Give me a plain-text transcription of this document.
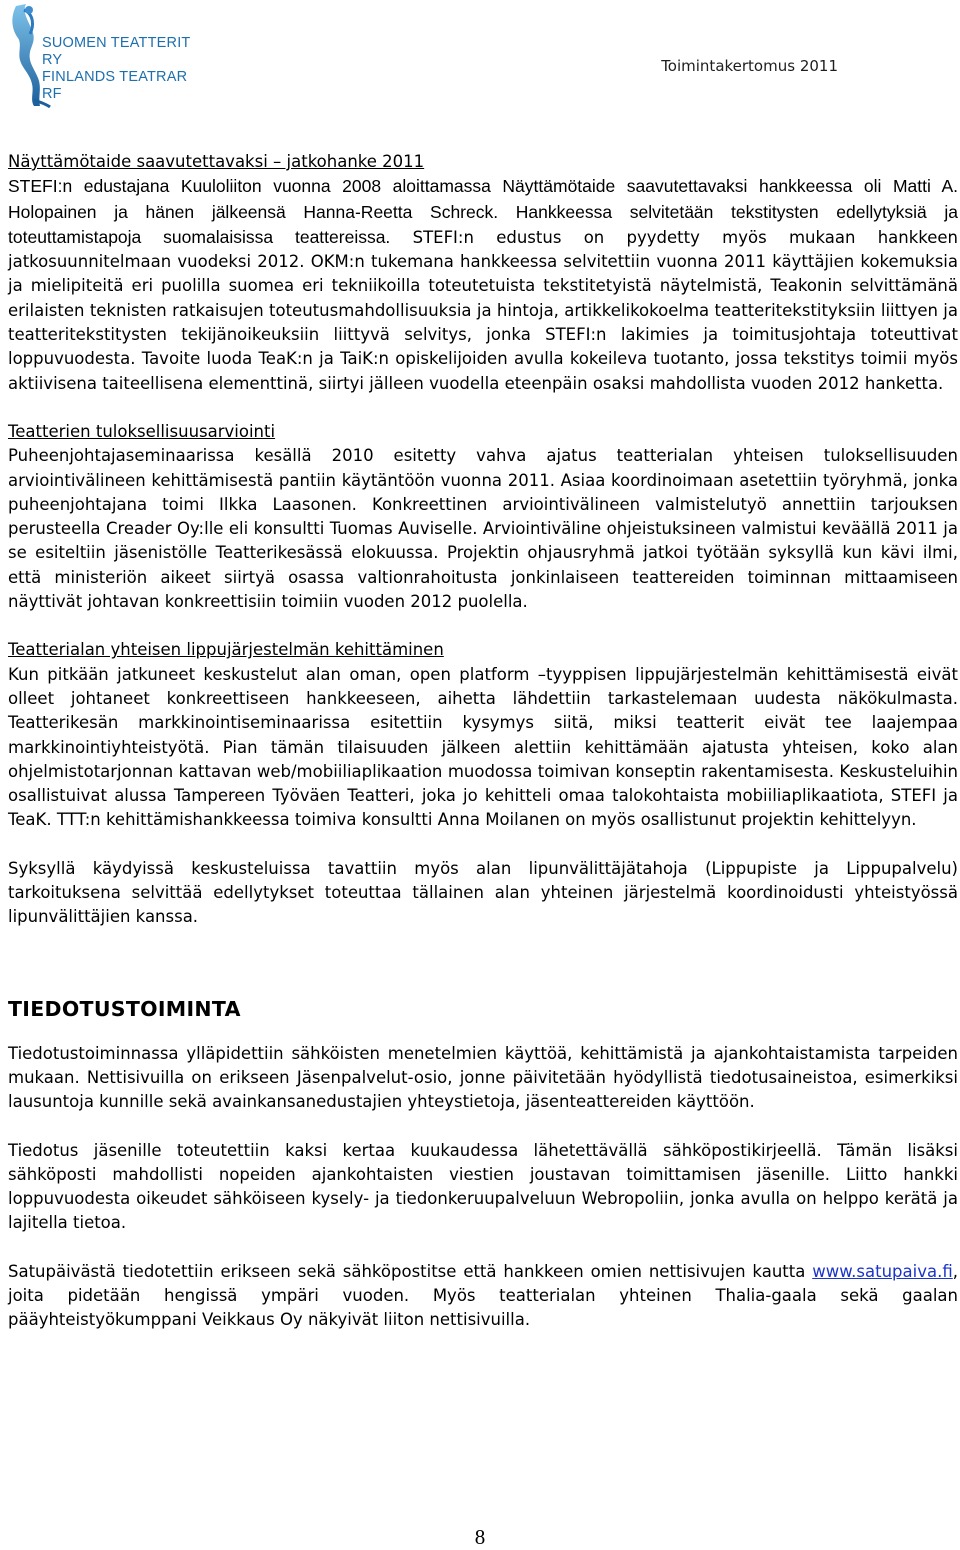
SUOMEN TEATTERIT RY
FINLANDS TEATRAR RF
Toimintakertomus 2011

Näyttämötaide saavutettavaksi – jatkohanke 2011

STEFI:n edustajana Kuuloliiton vuonna 2008 aloittamassa Näyttämötaide saavutettavaksi hankkeessa oli Matti A. Holopainen ja hänen jälkeensä Hanna-Reetta Schreck. Hankkeessa selvitetään tekstitysten edellytyksiä ja toteuttamistapoja suomalaisissa teattereissa. STEFI:n edustus on pyydetty myös mukaan hankkeen jatkosuunnitelmaan vuodeksi 2012. OKM:n tukemana hankkeessa selvitettiin vuonna 2011 käyttäjien kokemuksia ja mielipiteitä eri puolilla suomea eri tekniikoilla toteutetuista tekstitetyistä näytelmistä, Teakonin selvittämänä erilaisten teknisten ratkaisujen toteutusmahdollisuuksia ja hintoja, artikkelikokoelma teatteritekstityksiin liittyen ja teatteritekstitysten tekijänoikeuksiin liittyvä selvitys, jonka STEFI:n lakimies ja toimitusjohtaja toteuttivat loppuvuodesta. Tavoite luoda TeaK:n ja TaiK:n opiskelijoiden avulla kokeileva tuotanto, jossa tekstitys toimii myös aktiivisena taiteellisena elementtinä, siirtyi jälleen vuodella eteenpäin osaksi mahdollista vuoden 2012 hanketta.

Teatterien tuloksellisuusarviointi

Puheenjohtajaseminaarissa kesällä 2010 esitetty vahva ajatus teatterialan yhteisen tuloksellisuuden arviointivälineen kehittämisestä pantiin käytäntöön vuonna 2011. Asiaa koordinoimaan asetettiin työryhmä, jonka puheenjohtajana toimi Ilkka Laasonen. Konkreettinen arviointivälineen valmistelutyö annettiin tarjouksen perusteella Creader Oy:lle eli konsultti Tuomas Auviselle. Arviointiväline ohjeistuksineen valmistui keväällä 2011 ja se esiteltiin jäsenistölle Teatterikesässä elokuussa. Projektin ohjausryhmä jatkoi työtään syksyllä kun kävi ilmi, että ministeriön aikeet siirtyä osassa valtionrahoitusta jonkinlaiseen teattereiden toiminnan mittaamiseen näyttivät johtavan konkreettisiin toimiin vuoden 2012 puolella.

Teatterialan yhteisen lippujärjestelmän kehittäminen

Kun pitkään jatkuneet keskustelut alan oman, open platform –tyyppisen lippujärjestelmän kehittämisestä eivät olleet johtaneet konkreettiseen hankkeeseen, aihetta lähdettiin tarkastelemaan uudesta näkökulmasta. Teatterikesän markkinointiseminaarissa esitettiin kysymys siitä, miksi teatterit eivät tee laajempaa markkinointiyhteistyötä. Pian tämän tilaisuuden jälkeen alettiin kehittämään ajatusta yhteisen, koko alan ohjelmistotarjonnan kattavan web/mobiiliaplikaation muodossa toimivan konseptin rakentamisesta. Keskusteluihin osallistuivat alussa Tampereen Työväen Teatteri, joka jo kehitteli omaa talokohtaista mobiiliaplikaatiota, STEFI ja TeaK. TTT:n kehittämishankkeessa toimiva konsultti Anna Moilanen on myös osallistunut projektin kehittelyyn.

Syksyllä käydyissä keskusteluissa tavattiin myös alan lipunvälittäjätahoja (Lippupiste ja Lippupalvelu) tarkoituksena selvittää edellytykset toteuttaa tällainen alan yhteinen järjestelmä koordinoidusti yhteistyössä lipunvälittäjien kanssa.

TIEDOTUSTOIMINTA

Tiedotustoiminnassa ylläpidettiin sähköisten menetelmien käyttöä, kehittämistä ja ajankohtaistamista tarpeiden mukaan. Nettisivuilla on erikseen Jäsenpalvelut-osio, jonne päivitetään hyödyllistä tiedotusaineistoa, esimerkiksi lausuntoja kunnille sekä avainkansanedustajien yhteystietoja, jäsenteattereiden käyttöön.

Tiedotus jäsenille toteutettiin kaksi kertaa kuukaudessa lähetettävällä sähköpostikirjeellä. Tämän lisäksi sähköposti mahdollisti nopeiden ajankohtaisten viestien joustavan toimittamisen jäsenille. Liitto hankki loppuvuodesta oikeudet sähköiseen kysely- ja tiedonkeruupalveluun Webropoliin, jonka avulla on helppo kerätä ja lajitella tietoa.

Satupäivästä tiedotettiin erikseen sekä sähköpostitse että hankkeen omien nettisivujen kautta www.satupaiva.fi, joita pidetään hengissä ympäri vuoden. Myös teatterialan yhteinen Thalia-gaala sekä gaalan pääyhteistyökumppani Veikkaus Oy näkyivät liiton nettisivuilla.

8
